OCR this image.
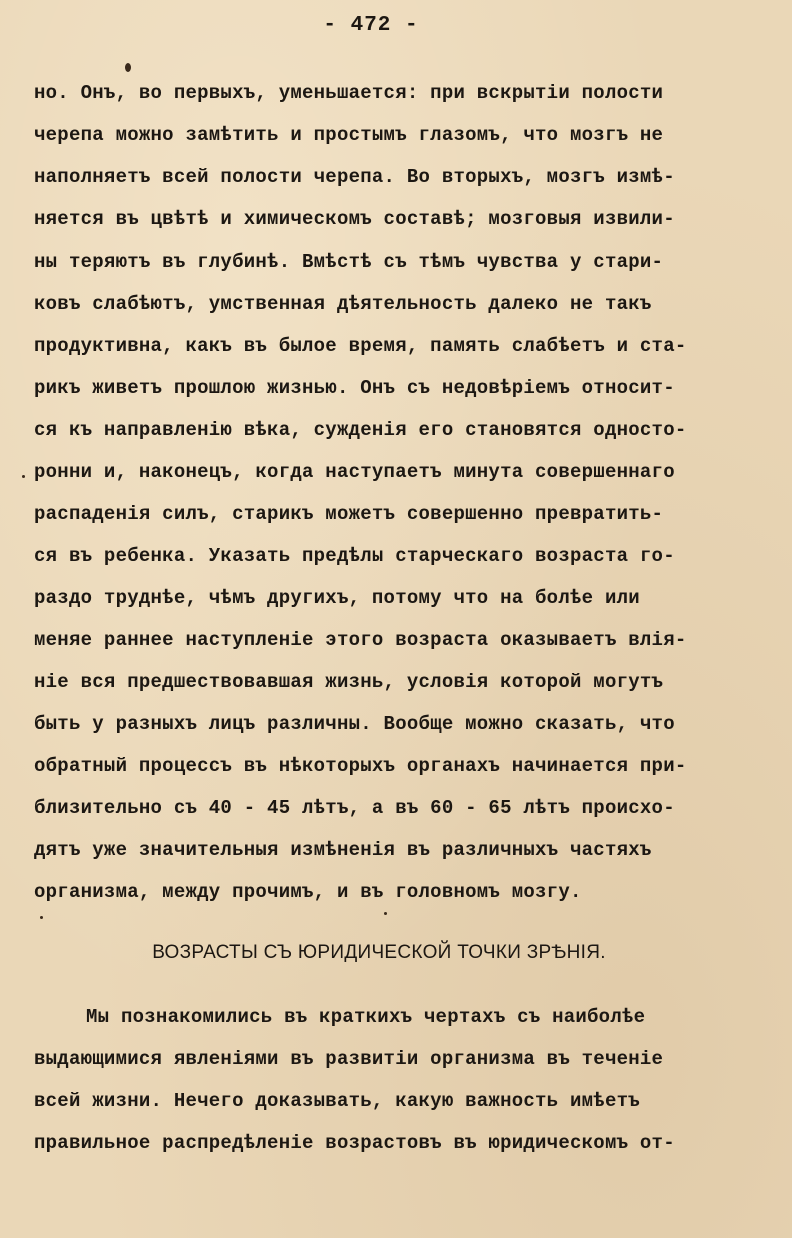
- 472 -

но. Онъ, во первыхъ, уменьшается: при вскрытіи полости

черепа можно замѣтить и простымъ глазомъ, что мозгъ не

наполняетъ всей полости черепа. Во вторыхъ, мозгъ измѣ-

няется въ цвѣтѣ и химическомъ составѣ; мозговыя извили-

ны теряютъ въ глубинѣ. Вмѣстѣ съ тѣмъ чувства у стари-

ковъ слабѣютъ, умственная дѣятельность далеко не такъ

продуктивна, какъ въ былое время, память слабѣетъ и ста-

рикъ живетъ прошлою жизнью. Онъ съ недовѣріемъ относит-

ся къ направленію вѣка, сужденія его становятся односто-

ронни и, наконецъ, когда наступаетъ минута совершеннаго

распаденія силъ, старикъ можетъ совершенно превратить-

ся въ ребенка. Указать предѣлы старческаго возраста го-

раздо труднѣе, чѣмъ другихъ, потому что на болѣе или

меняе раннее наступленіе этого возраста оказываетъ влія-

ніе вся предшествовавшая жизнь, условія которой могутъ

быть у разныхъ лицъ различны. Вообще можно сказать, что

обратный процессъ въ нѣкоторыхъ органахъ начинается при-

близительно съ 40 - 45 лѣтъ, а въ 60 - 65 лѣтъ происхо-

дятъ уже значительныя измѣненія въ различныхъ частяхъ

организма, между прочимъ, и въ головномъ мозгу.

ВОЗРАСТЫ СЪ ЮРИДИЧЕСКОЙ ТОЧКИ ЗРѢНІЯ.

Мы познакомились въ краткихъ чертахъ съ наиболѣе

выдающимися явленіями въ развитіи организма въ теченіе

всей жизни. Нечего доказывать, какую важность имѣетъ

правильное распредѣленіе возрастовъ въ юридическомъ от-
